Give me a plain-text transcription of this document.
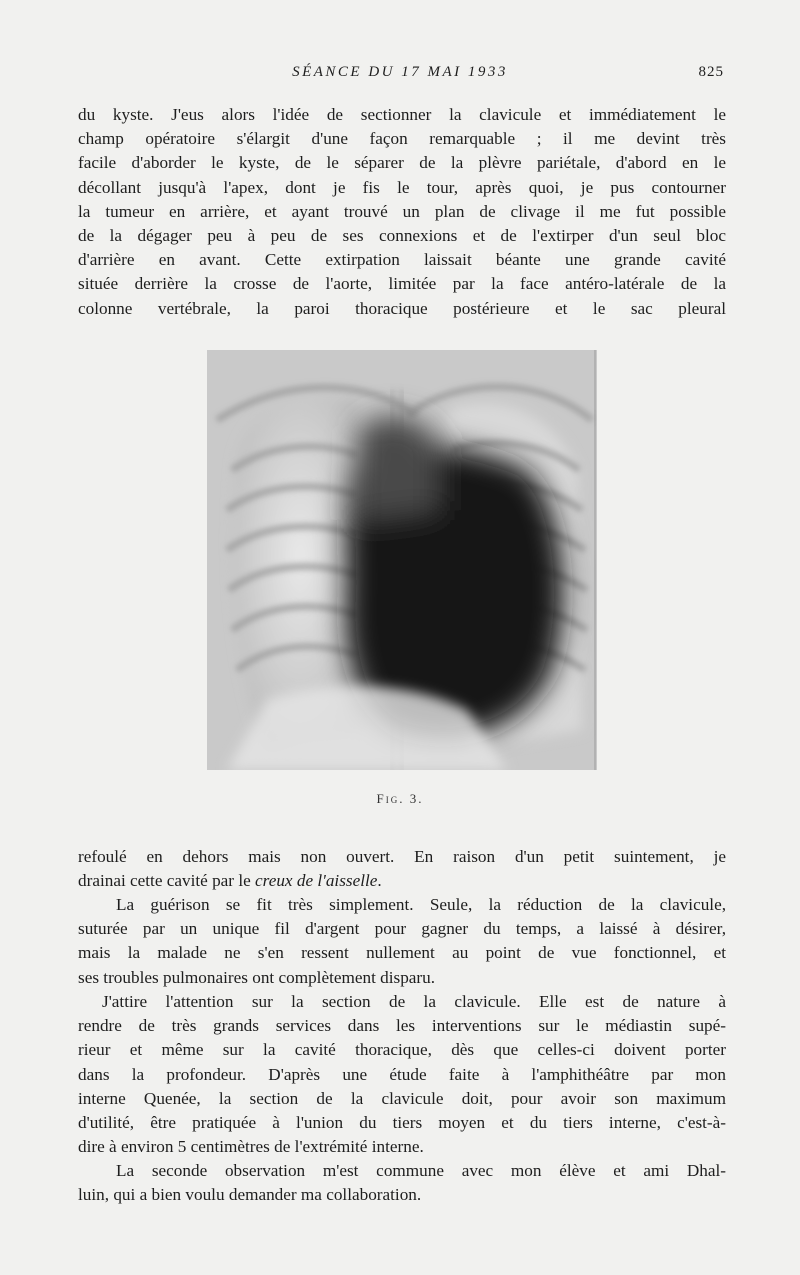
SÉANCE DU 17 MAI 1933	825
du kyste. J'eus alors l'idée de sectionner la clavicule et immédiatement le
champ opératoire s'élargit d'une façon remarquable ; il me devint très
facile d'aborder le kyste, de le séparer de la plèvre pariétale, d'abord en le
décollant jusqu'à l'apex, dont je fis le tour, après quoi, je pus contourner
la tumeur en arrière, et ayant trouvé un plan de clivage il me fut possible
de la dégager peu à peu de ses connexions et de l'extirper d'un seul bloc
d'arrière en avant. Cette extirpation laissait béante une grande cavité
située derrière la crosse de l'aorte, limitée par la face antéro-latérale de la
colonne vertébrale, la paroi thoracique postérieure et le sac pleural
Fig. 3.
refoulé en dehors mais non ouvert. En raison d'un petit suintement, je
drainai cette cavité par le creux de l'aisselle.
La guérison se fit très simplement. Seule, la réduction de la clavicule,
suturée par un unique fil d'argent pour gagner du temps, a laissé à désirer,
mais la malade ne s'en ressent nullement au point de vue fonctionnel, et
ses troubles pulmonaires ont complètement disparu.
J'attire l'attention sur la section de la clavicule. Elle est de nature à
rendre de très grands services dans les interventions sur le médiastin supé-
rieur et même sur la cavité thoracique, dès que celles-ci doivent porter
dans la profondeur. D'après une étude faite à l'amphithéâtre par mon
interne Quenée, la section de la clavicule doit, pour avoir son maximum
d'utilité, être pratiquée à l'union du tiers moyen et du tiers interne, c'est-à-
dire à environ 5 centimètres de l'extrémité interne.
La seconde observation m'est commune avec mon élève et ami Dhal-
luin, qui a bien voulu demander ma collaboration.
